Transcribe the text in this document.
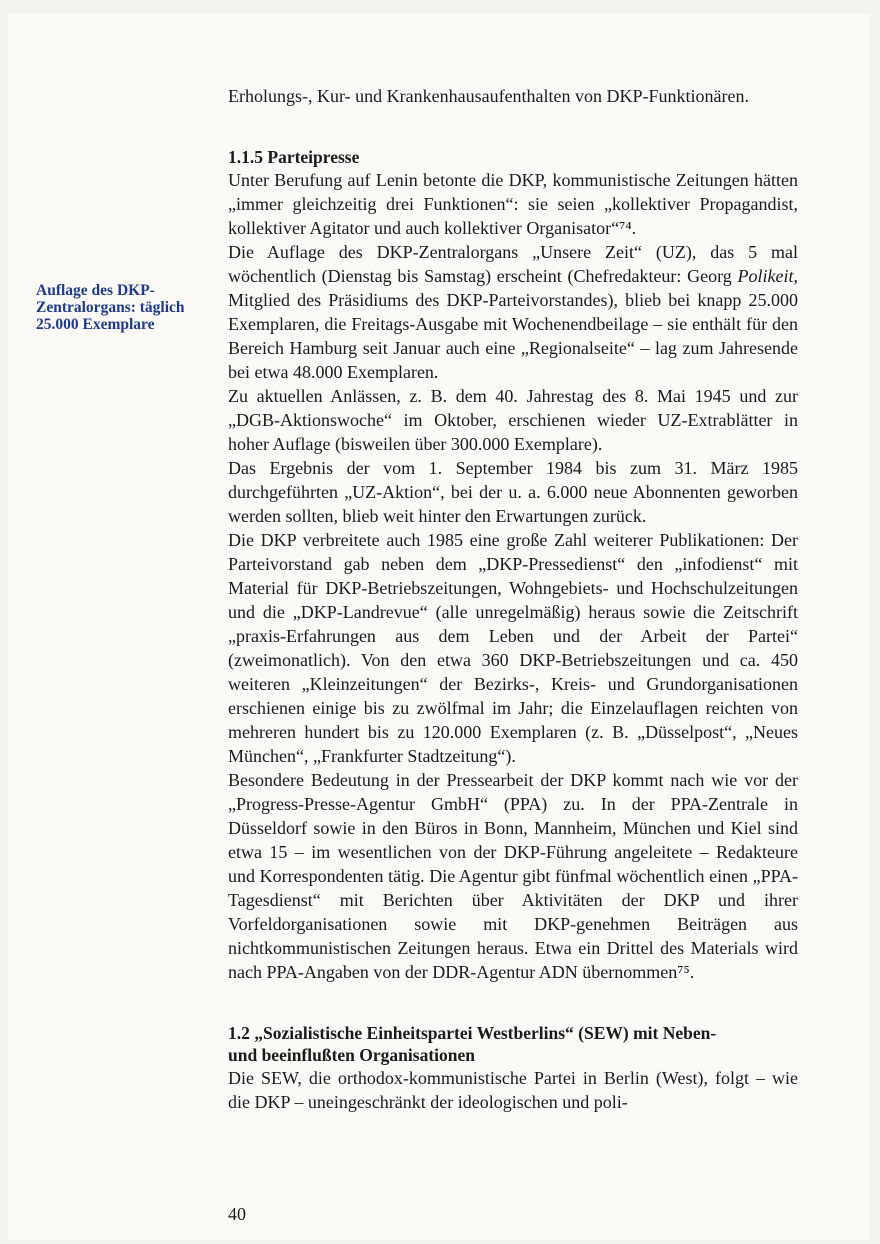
Auflage des DKP-Zentralorgans: täglich 25.000 Exemplare

Erholungs-, Kur- und Krankenhausaufenthalten von DKP-Funktionären.

1.1.5 Parteipresse

Unter Berufung auf Lenin betonte die DKP, kommunistische Zeitungen hätten „immer gleichzeitig drei Funktionen“: sie seien „kollektiver Propagandist, kollektiver Agitator und auch kollektiver Organisator“⁷⁴.

Die Auflage des DKP-Zentralorgans „Unsere Zeit“ (UZ), das 5 mal wöchentlich (Dienstag bis Samstag) erscheint (Chefredakteur: Georg Polikeit, Mitglied des Präsidiums des DKP-Parteivorstandes), blieb bei knapp 25.000 Exemplaren, die Freitags-Ausgabe mit Wochenendbeilage – sie enthält für den Bereich Hamburg seit Januar auch eine „Regionalseite“ – lag zum Jahresende bei etwa 48.000 Exemplaren.

Zu aktuellen Anlässen, z. B. dem 40. Jahrestag des 8. Mai 1945 und zur „DGB-Aktionswoche“ im Oktober, erschienen wieder UZ-Extrablätter in hoher Auflage (bisweilen über 300.000 Exemplare).

Das Ergebnis der vom 1. September 1984 bis zum 31. März 1985 durchgeführten „UZ-Aktion“, bei der u. a. 6.000 neue Abonnenten geworben werden sollten, blieb weit hinter den Erwartungen zurück.

Die DKP verbreitete auch 1985 eine große Zahl weiterer Publikationen: Der Parteivorstand gab neben dem „DKP-Pressedienst“ den „infodienst“ mit Material für DKP-Betriebszeitungen, Wohngebiets- und Hochschulzeitungen und die „DKP-Landrevue“ (alle unregelmäßig) heraus sowie die Zeitschrift „praxis-Erfahrungen aus dem Leben und der Arbeit der Partei“ (zweimonatlich). Von den etwa 360 DKP-Betriebszeitungen und ca. 450 weiteren „Kleinzeitungen“ der Bezirks-, Kreis- und Grundorganisationen erschienen einige bis zu zwölfmal im Jahr; die Einzelauflagen reichten von mehreren hundert bis zu 120.000 Exemplaren (z. B. „Düsselpost“, „Neues München“, „Frankfurter Stadtzeitung“).

Besondere Bedeutung in der Pressearbeit der DKP kommt nach wie vor der „Progress-Presse-Agentur GmbH“ (PPA) zu. In der PPA-Zentrale in Düsseldorf sowie in den Büros in Bonn, Mannheim, München und Kiel sind etwa 15 – im wesentlichen von der DKP-Führung angeleitete – Redakteure und Korrespondenten tätig. Die Agentur gibt fünfmal wöchentlich einen „PPA-Tagesdienst“ mit Berichten über Aktivitäten der DKP und ihrer Vorfeldorganisationen sowie mit DKP-genehmen Beiträgen aus nichtkommunistischen Zeitungen heraus. Etwa ein Drittel des Materials wird nach PPA-Angaben von der DDR-Agentur ADN übernommen⁷⁵.

1.2 „Sozialistische Einheitspartei Westberlins“ (SEW) mit Neben-
und beeinflußten Organisationen

Die SEW, die orthodox-kommunistische Partei in Berlin (West), folgt – wie die DKP – uneingeschränkt der ideologischen und poli-

40
